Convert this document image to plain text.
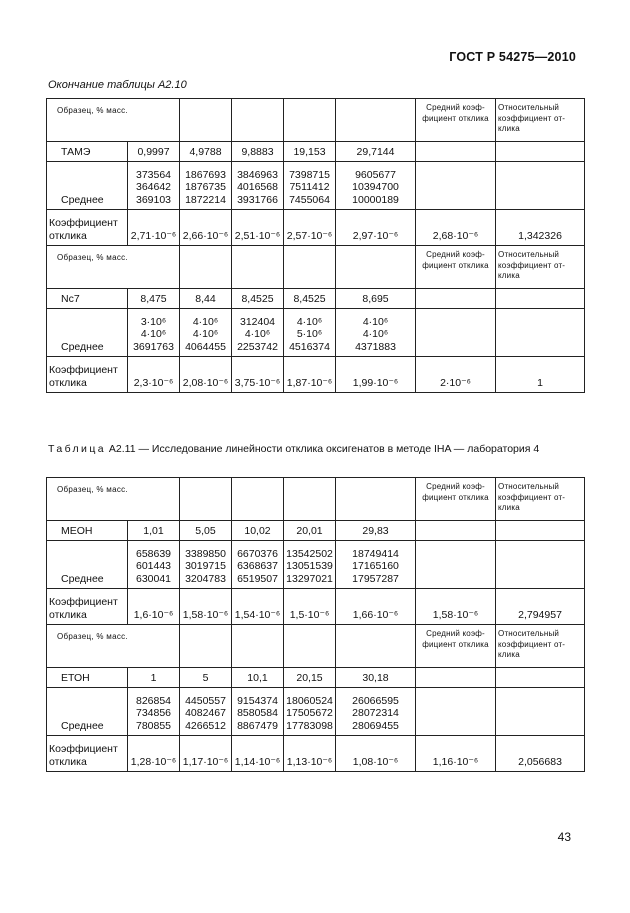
ГОСТ Р 54275—2010
Окончание таблицы А2.10
Образец, % масс.						Средний коэф-
фициент отклика	Относительный
коэффициент от-
клика
ТАМЭ	0,9997	4,9788	9,8883	19,153	29,7144		
Среднее	373564
364642
369103	1867693
1876735
1872214	3846963
4016568
3931766	7398715
7511412
7455064	9605677
10394700
10000189		
Коэффициент
отклика	2,71·10⁻⁶	2,66·10⁻⁶	2,51·10⁻⁶	2,57·10⁻⁶	2,97·10⁻⁶	2,68·10⁻⁶	1,342326
Образец, % масс.						Средний коэф-
фициент отклика	Относительный
коэффициент от-
клика
Nc7	8,475	8,44	8,4525	8,4525	8,695		
Среднее	3·10⁶
4·10⁶
3691763	4·10⁶
4·10⁶
4064455	312404
4·10⁶
2253742	4·10⁶
5·10⁶
4516374	4·10⁶
4·10⁶
4371883		
Коэффициент
отклика	2,3·10⁻⁶	2,08·10⁻⁶	3,75·10⁻⁶	1,87·10⁻⁶	1,99·10⁻⁶	2·10⁻⁶	1
Таблица А2.11 — Исследование линейности отклика оксигенатов в методе IHA — лаборатория 4
Образец, % масс.						Средний коэф-
фициент отклика	Относительный
коэффициент от-
клика
МЕОН	1,01	5,05	10,02	20,01	29,83		
Среднее	658639
601443
630041	3389850
3019715
3204783	6670376
6368637
6519507	13542502
13051539
13297021	18749414
17165160
17957287		
Коэффициент
отклика	1,6·10⁻⁶	1,58·10⁻⁶	1,54·10⁻⁶	1,5·10⁻⁶	1,66·10⁻⁶	1,58·10⁻⁶	2,794957
Образец, % масс.						Средний коэф-
фициент отклика	Относительный
коэффициент от-
клика
ЕТОН	1	5	10,1	20,15	30,18		
Среднее	826854
734856
780855	4450557
4082467
4266512	9154374
8580584
8867479	18060524
17505672
17783098	26066595
28072314
28069455		
Коэффициент
отклика	1,28·10⁻⁶	1,17·10⁻⁶	1,14·10⁻⁶	1,13·10⁻⁶	1,08·10⁻⁶	1,16·10⁻⁶	2,056683
43
